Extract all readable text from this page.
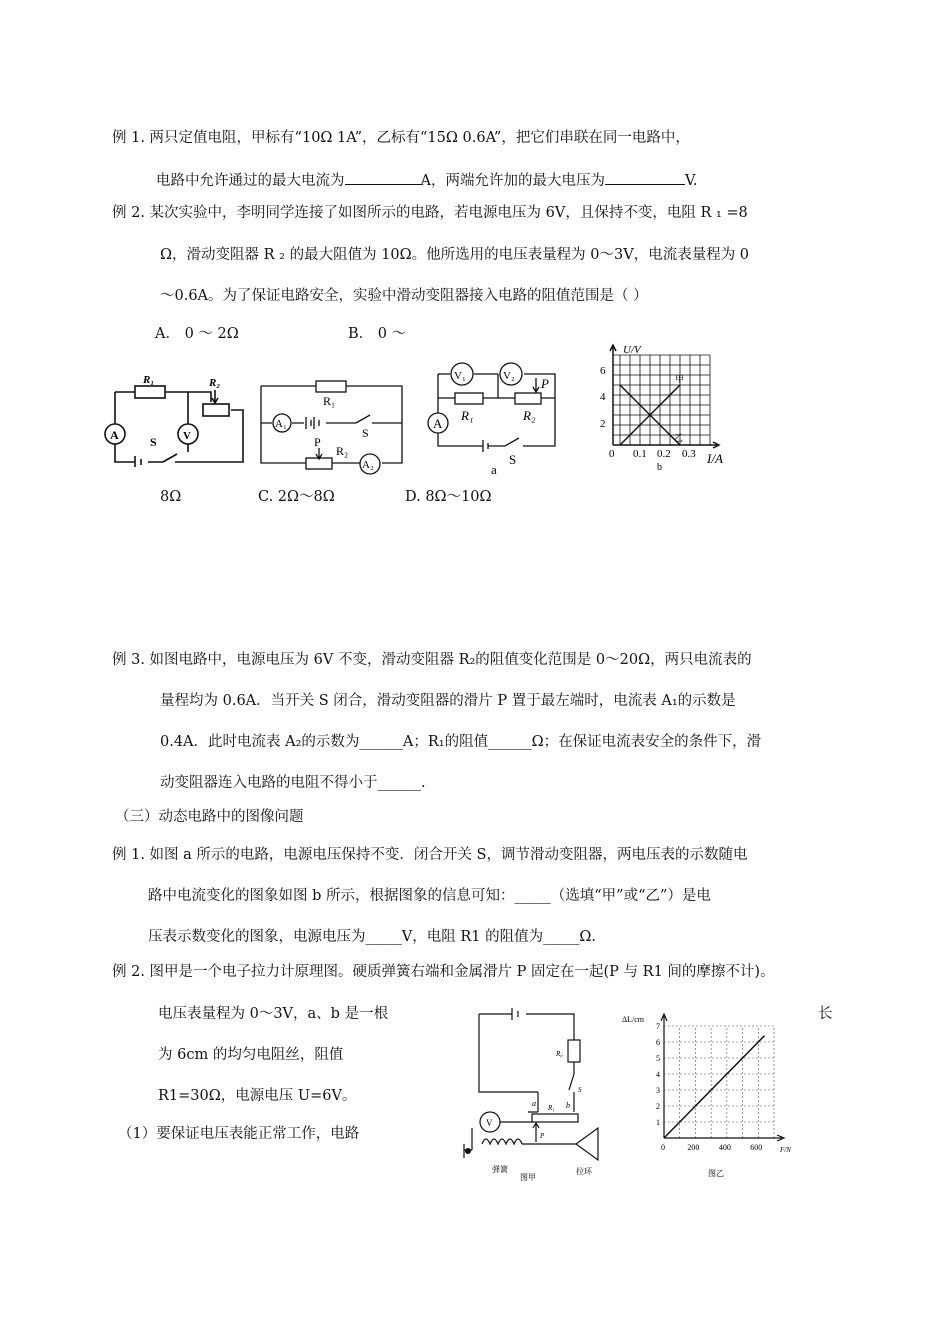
例 1. 两只定值电阻，甲标有“10Ω 1A”，乙标有“15Ω 0.6A”，把它们串联在同一电路中，
电路中允许通过的最大电流为	A，两端允许加的最大电压为	V.
例 2. 某次实验中，李明同学连接了如图所示的电路，若电源电压为 6V，且保持不变，电阻 R ₁ =8
Ω，滑动变阻器 R ₂ 的最大阻值为 10Ω。他所选用的电压表量程为 0～3V，电流表量程为 0
～0.6A。为了保证电路安全，实验中滑动变阻器接入电路的阻值范围是（ ）
A． 0 ～ 2Ω	B． 0 ～
8Ω	C. 2Ω～8Ω	D. 8Ω～10Ω
R₁	R₂
A	V
S
R₁
R₂
A₁
A₂
S
P
V₁	V₂ P
R₁	R₂
A
S
a
U/V
I/A
甲
乙
6
4
2
0 0.1 0.2 0.3
b
例 3. 如图电路中，电源电压为 6V 不变，滑动变阻器 R₂的阻值变化范围是 0～20Ω，两只电流表的
量程均为 0.6A．当开关 S 闭合，滑动变阻器的滑片 P 置于最左端时，电流表 A₁的示数是
0.4A．此时电流表 A₂的示数为______A；R₁的阻值______Ω；在保证电流表安全的条件下，滑
动变阻器连入电路的电阻不得小于______.
（三）动态电路中的图像问题
例 1. 如图 a 所示的电路，电源电压保持不变．闭合开关 S，调节滑动变阻器，两电压表的示数随电
路中电流变化的图象如图 b 所示，根据图象的信息可知：_____（选填“甲”或“乙”）是电
压表示数变化的图象，电源电压为_____V，电阻 R1 的阻值为_____Ω.
例 2. 图甲是一个电子拉力计原理图。硬质弹簧右端和金属滑片 P 固定在一起(P 与 R1 间的摩擦不计)。
电压表量程为 0～3V，a、b 是一根	长
为 6cm 的均匀电阻丝，阻值
R1=30Ω，电源电压 U=6V。
（1）要保证电压表能正常工作，电路
R₀
R₁
a	b
S
P
V
弹簧	拉环
图甲
1
2
3
4
5
6
7
0	200 400 600
ΔL/cm
F/N
图乙
